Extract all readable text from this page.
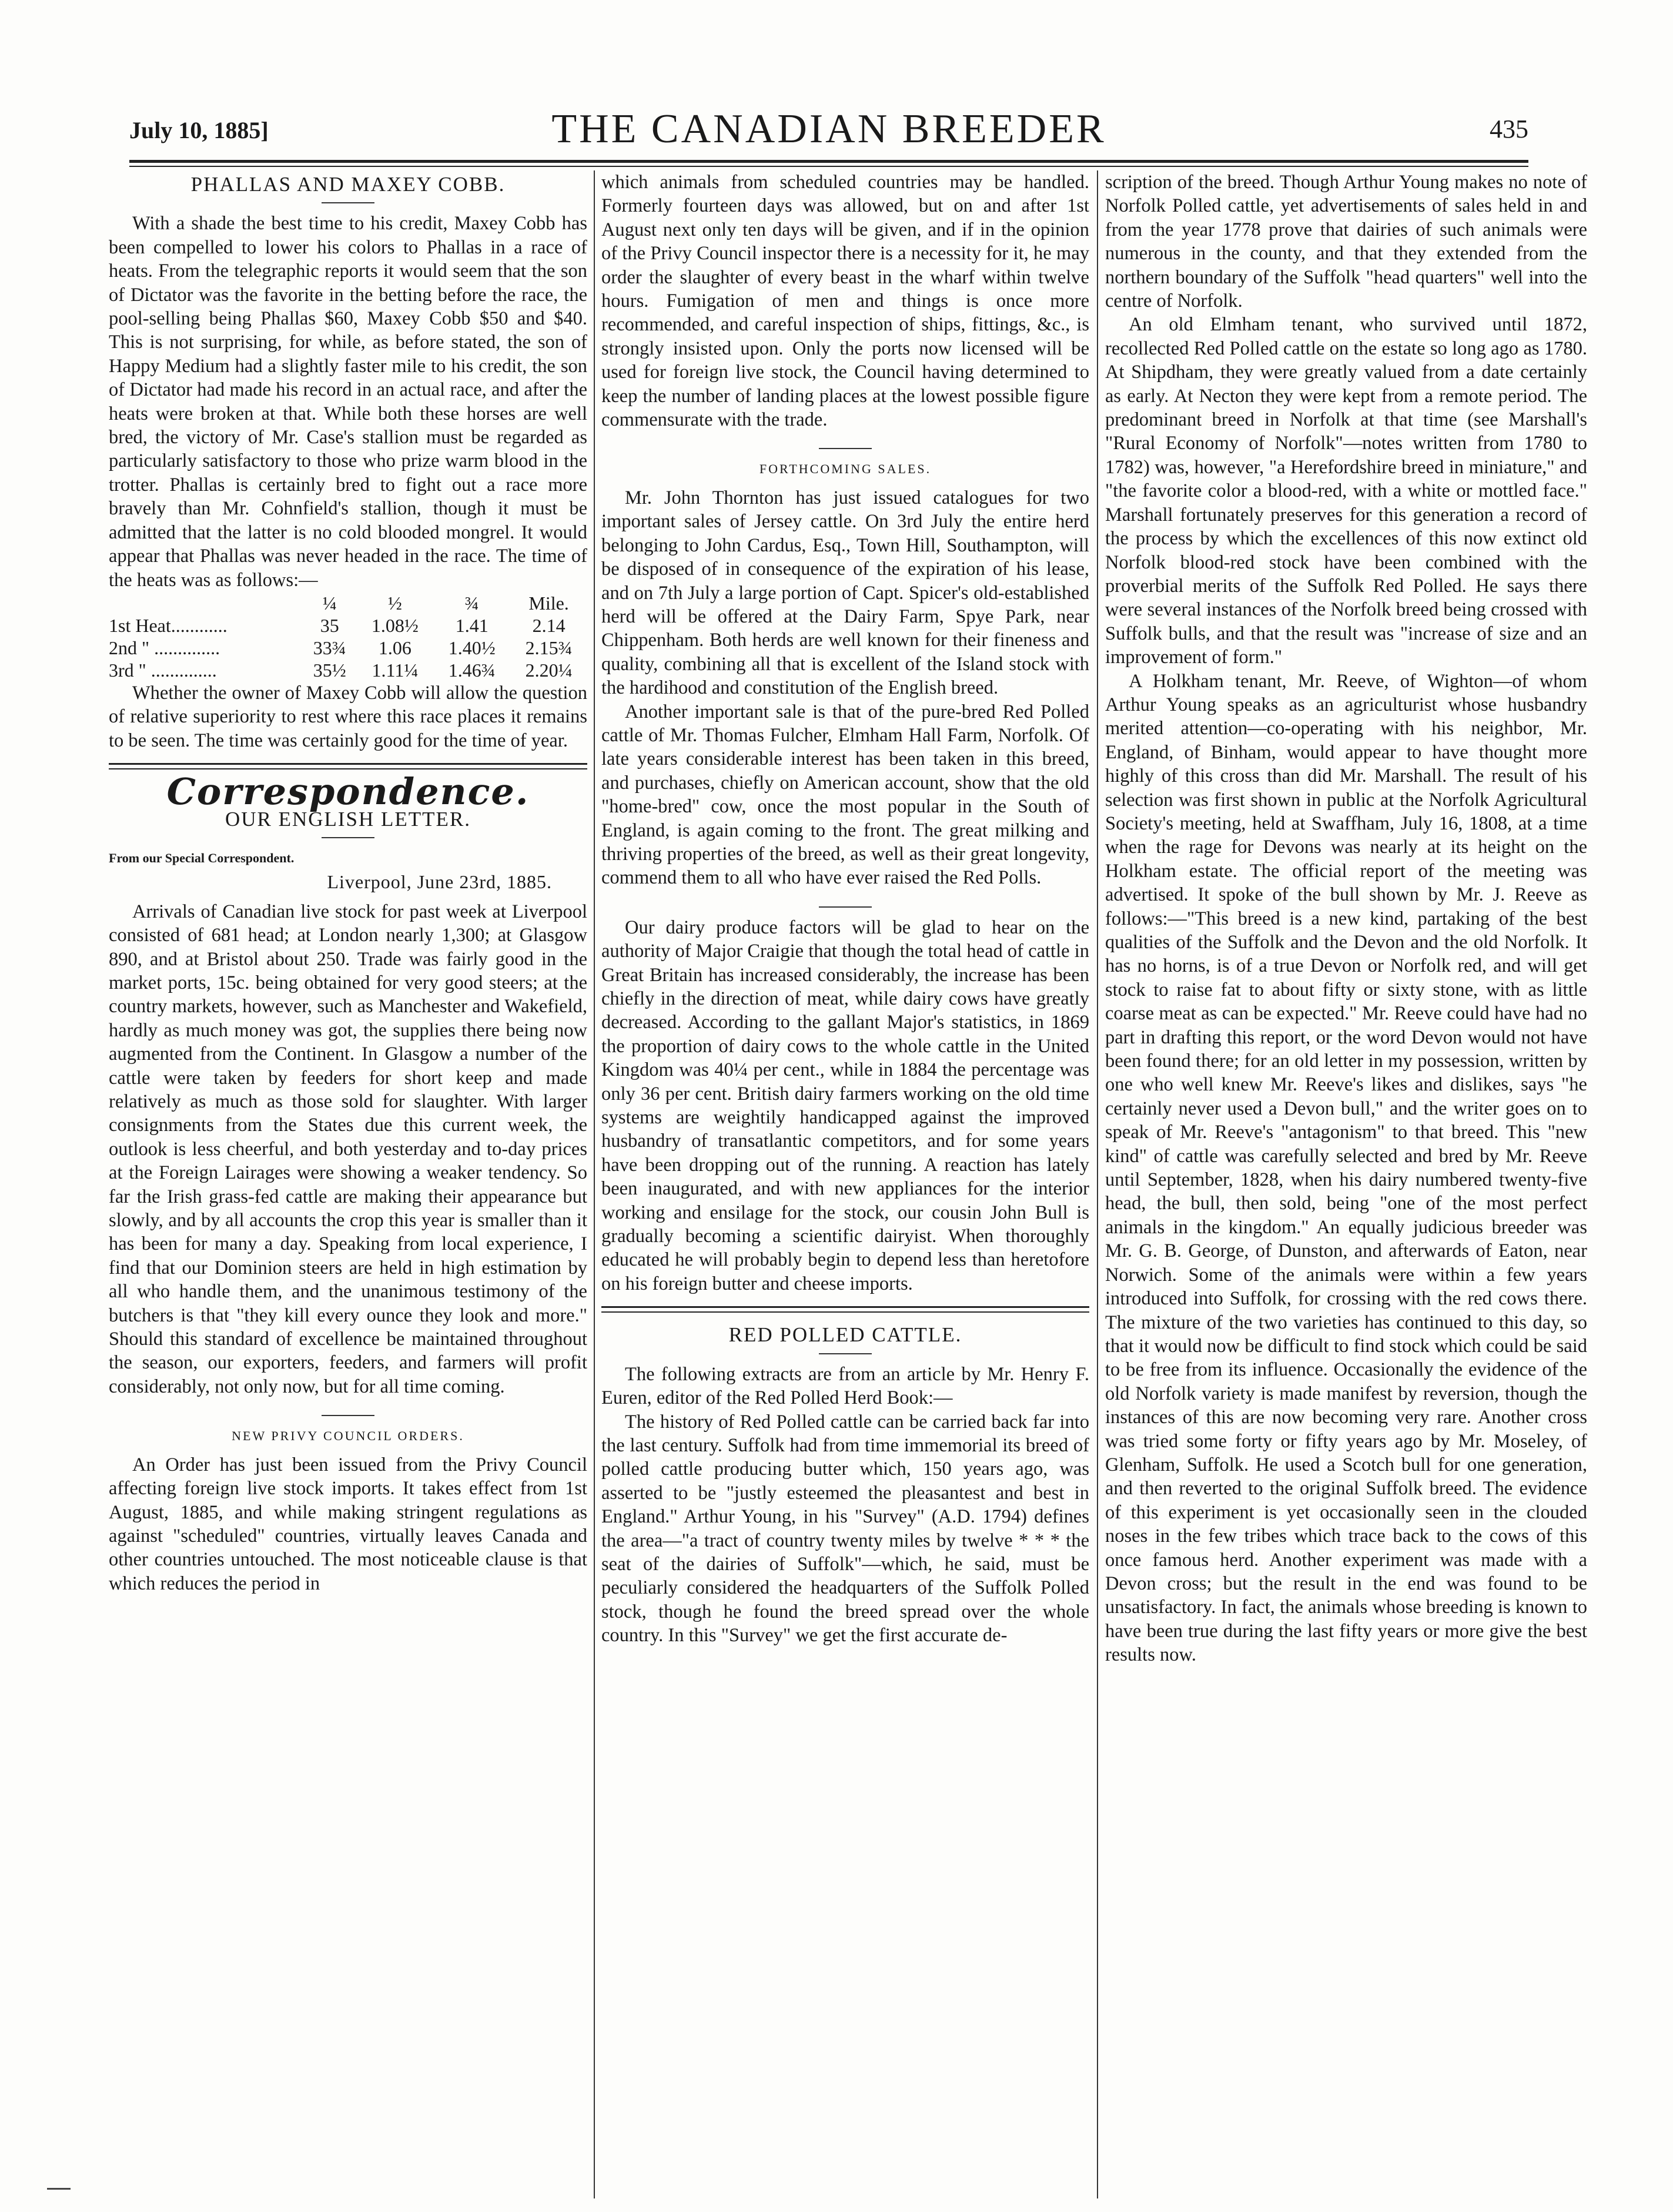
July 10, 1885]	THE CANADIAN BREEDER	435
PHALLAS AND MAXEY COBB.

With a shade the best time to his credit, Maxey Cobb has been compelled to lower his colors to Phallas in a race of heats. From the telegraphic reports it would seem that the son of Dictator was the favorite in the betting before the race, the pool-selling being Phallas $60, Maxey Cobb $50 and $40. This is not surprising, for while, as before stated, the son of Happy Medium had a slightly faster mile to his credit, the son of Dictator had made his record in an actual race, and after the heats were broken at that. While both these horses are well bred, the victory of Mr. Case's stallion must be regarded as particularly satisfactory to those who prize warm blood in the trotter. Phallas is certainly bred to fight out a race more bravely than Mr. Cohnfield's stallion, though it must be admitted that the latter is no cold blooded mongrel. It would appear that Phallas was never headed in the race. The time of the heats was as follows:—

	¼	½	¾	Mile.
1st Heat............	35	1.08½	1.41	2.14
2nd " ..............	33¾	1.06	1.40½	2.15¾
3rd " ..............	35½	1.11¼	1.46¾	2.20¼

Whether the owner of Maxey Cobb will allow the question of relative superiority to rest where this race places it remains to be seen. The time was certainly good for the time of year.

Correspondence.
OUR ENGLISH LETTER.
From our Special Correspondent.
Liverpool, June 23rd, 1885.

Arrivals of Canadian live stock for past week at Liverpool consisted of 681 head; at London nearly 1,300; at Glasgow 890, and at Bristol about 250. Trade was fairly good in the market ports, 15c. being obtained for very good steers; at the country markets, however, such as Manchester and Wakefield, hardly as much money was got, the supplies there being now augmented from the Continent. In Glasgow a number of the cattle were taken by feeders for short keep and made relatively as much as those sold for slaughter. With larger consignments from the States due this current week, the outlook is less cheerful, and both yesterday and to-day prices at the Foreign Lairages were showing a weaker tendency. So far the Irish grass-fed cattle are making their appearance but slowly, and by all accounts the crop this year is smaller than it has been for many a day. Speaking from local experience, I find that our Dominion steers are held in high estimation by all who handle them, and the unanimous testimony of the butchers is that "they kill every ounce they look and more." Should this standard of excellence be maintained throughout the season, our exporters, feeders, and farmers will profit considerably, not only now, but for all time coming.

NEW PRIVY COUNCIL ORDERS.

An Order has just been issued from the Privy Council affecting foreign live stock imports. It takes effect from 1st August, 1885, and while making stringent regulations as against "scheduled" countries, virtually leaves Canada and other countries untouched. The most noticeable clause is that which reduces the period in

which animals from scheduled countries may be handled. Formerly fourteen days was allowed, but on and after 1st August next only ten days will be given, and if in the opinion of the Privy Council inspector there is a necessity for it, he may order the slaughter of every beast in the wharf within twelve hours. Fumigation of men and things is once more recommended, and careful inspection of ships, fittings, &c., is strongly insisted upon. Only the ports now licensed will be used for foreign live stock, the Council having determined to keep the number of landing places at the lowest possible figure commensurate with the trade.

FORTHCOMING SALES.

Mr. John Thornton has just issued catalogues for two important sales of Jersey cattle. On 3rd July the entire herd belonging to John Cardus, Esq., Town Hill, Southampton, will be disposed of in consequence of the expiration of his lease, and on 7th July a large portion of Capt. Spicer's old-established herd will be offered at the Dairy Farm, Spye Park, near Chippenham. Both herds are well known for their fineness and quality, combining all that is excellent of the Island stock with the hardihood and constitution of the English breed.

Another important sale is that of the pure-bred Red Polled cattle of Mr. Thomas Fulcher, Elmham Hall Farm, Norfolk. Of late years considerable interest has been taken in this breed, and purchases, chiefly on American account, show that the old "home-bred" cow, once the most popular in the South of England, is again coming to the front. The great milking and thriving properties of the breed, as well as their great longevity, commend them to all who have ever raised the Red Polls.

Our dairy produce factors will be glad to hear on the authority of Major Craigie that though the total head of cattle in Great Britain has increased considerably, the increase has been chiefly in the direction of meat, while dairy cows have greatly decreased. According to the gallant Major's statistics, in 1869 the proportion of dairy cows to the whole cattle in the United Kingdom was 40¼ per cent., while in 1884 the percentage was only 36 per cent. British dairy farmers working on the old time systems are weightily handicapped against the improved husbandry of transatlantic competitors, and for some years have been dropping out of the running. A reaction has lately been inaugurated, and with new appliances for the interior working and ensilage for the stock, our cousin John Bull is gradually becoming a scientific dairyist. When thoroughly educated he will probably begin to depend less than heretofore on his foreign butter and cheese imports.

RED POLLED CATTLE.

The following extracts are from an article by Mr. Henry F. Euren, editor of the Red Polled Herd Book:—

The history of Red Polled cattle can be carried back far into the last century. Suffolk had from time immemorial its breed of polled cattle producing butter which, 150 years ago, was asserted to be "justly esteemed the pleasantest and best in England." Arthur Young, in his "Survey" (A.D. 1794) defines the area—"a tract of country twenty miles by twelve * * * the seat of the dairies of Suffolk"—which, he said, must be peculiarly considered the headquarters of the Suffolk Polled stock, though he found the breed spread over the whole country. In this "Survey" we get the first accurate de-

scription of the breed. Though Arthur Young makes no note of Norfolk Polled cattle, yet advertisements of sales held in and from the year 1778 prove that dairies of such animals were numerous in the county, and that they extended from the northern boundary of the Suffolk "head quarters" well into the centre of Norfolk.

An old Elmham tenant, who survived until 1872, recollected Red Polled cattle on the estate so long ago as 1780. At Shipdham, they were greatly valued from a date certainly as early. At Necton they were kept from a remote period. The predominant breed in Norfolk at that time (see Marshall's "Rural Economy of Norfolk"—notes written from 1780 to 1782) was, however, "a Herefordshire breed in miniature," and "the favorite color a blood-red, with a white or mottled face." Marshall fortunately preserves for this generation a record of the process by which the excellences of this now extinct old Norfolk blood-red stock have been combined with the proverbial merits of the Suffolk Red Polled. He says there were several instances of the Norfolk breed being crossed with Suffolk bulls, and that the result was "increase of size and an improvement of form."

A Holkham tenant, Mr. Reeve, of Wighton—of whom Arthur Young speaks as an agriculturist whose husbandry merited attention—co-operating with his neighbor, Mr. England, of Binham, would appear to have thought more highly of this cross than did Mr. Marshall. The result of his selection was first shown in public at the Norfolk Agricultural Society's meeting, held at Swaffham, July 16, 1808, at a time when the rage for Devons was nearly at its height on the Holkham estate. The official report of the meeting was advertised. It spoke of the bull shown by Mr. J. Reeve as follows:—"This breed is a new kind, partaking of the best qualities of the Suffolk and the Devon and the old Norfolk. It has no horns, is of a true Devon or Norfolk red, and will get stock to raise fat to about fifty or sixty stone, with as little coarse meat as can be expected." Mr. Reeve could have had no part in drafting this report, or the word Devon would not have been found there; for an old letter in my possession, written by one who well knew Mr. Reeve's likes and dislikes, says "he certainly never used a Devon bull," and the writer goes on to speak of Mr. Reeve's "antagonism" to that breed. This "new kind" of cattle was carefully selected and bred by Mr. Reeve until September, 1828, when his dairy numbered twenty-five head, the bull, then sold, being "one of the most perfect animals in the kingdom." An equally judicious breeder was Mr. G. B. George, of Dunston, and afterwards of Eaton, near Norwich. Some of the animals were within a few years introduced into Suffolk, for crossing with the red cows there. The mixture of the two varieties has continued to this day, so that it would now be difficult to find stock which could be said to be free from its influence. Occasionally the evidence of the old Norfolk variety is made manifest by reversion, though the instances of this are now becoming very rare. Another cross was tried some forty or fifty years ago by Mr. Moseley, of Glenham, Suffolk. He used a Scotch bull for one generation, and then reverted to the original Suffolk breed. The evidence of this experiment is yet occasionally seen in the clouded noses in the few tribes which trace back to the cows of this once famous herd. Another experiment was made with a Devon cross; but the result in the end was found to be unsatisfactory. In fact, the animals whose breeding is known to have been true during the last fifty years or more give the best results now.
